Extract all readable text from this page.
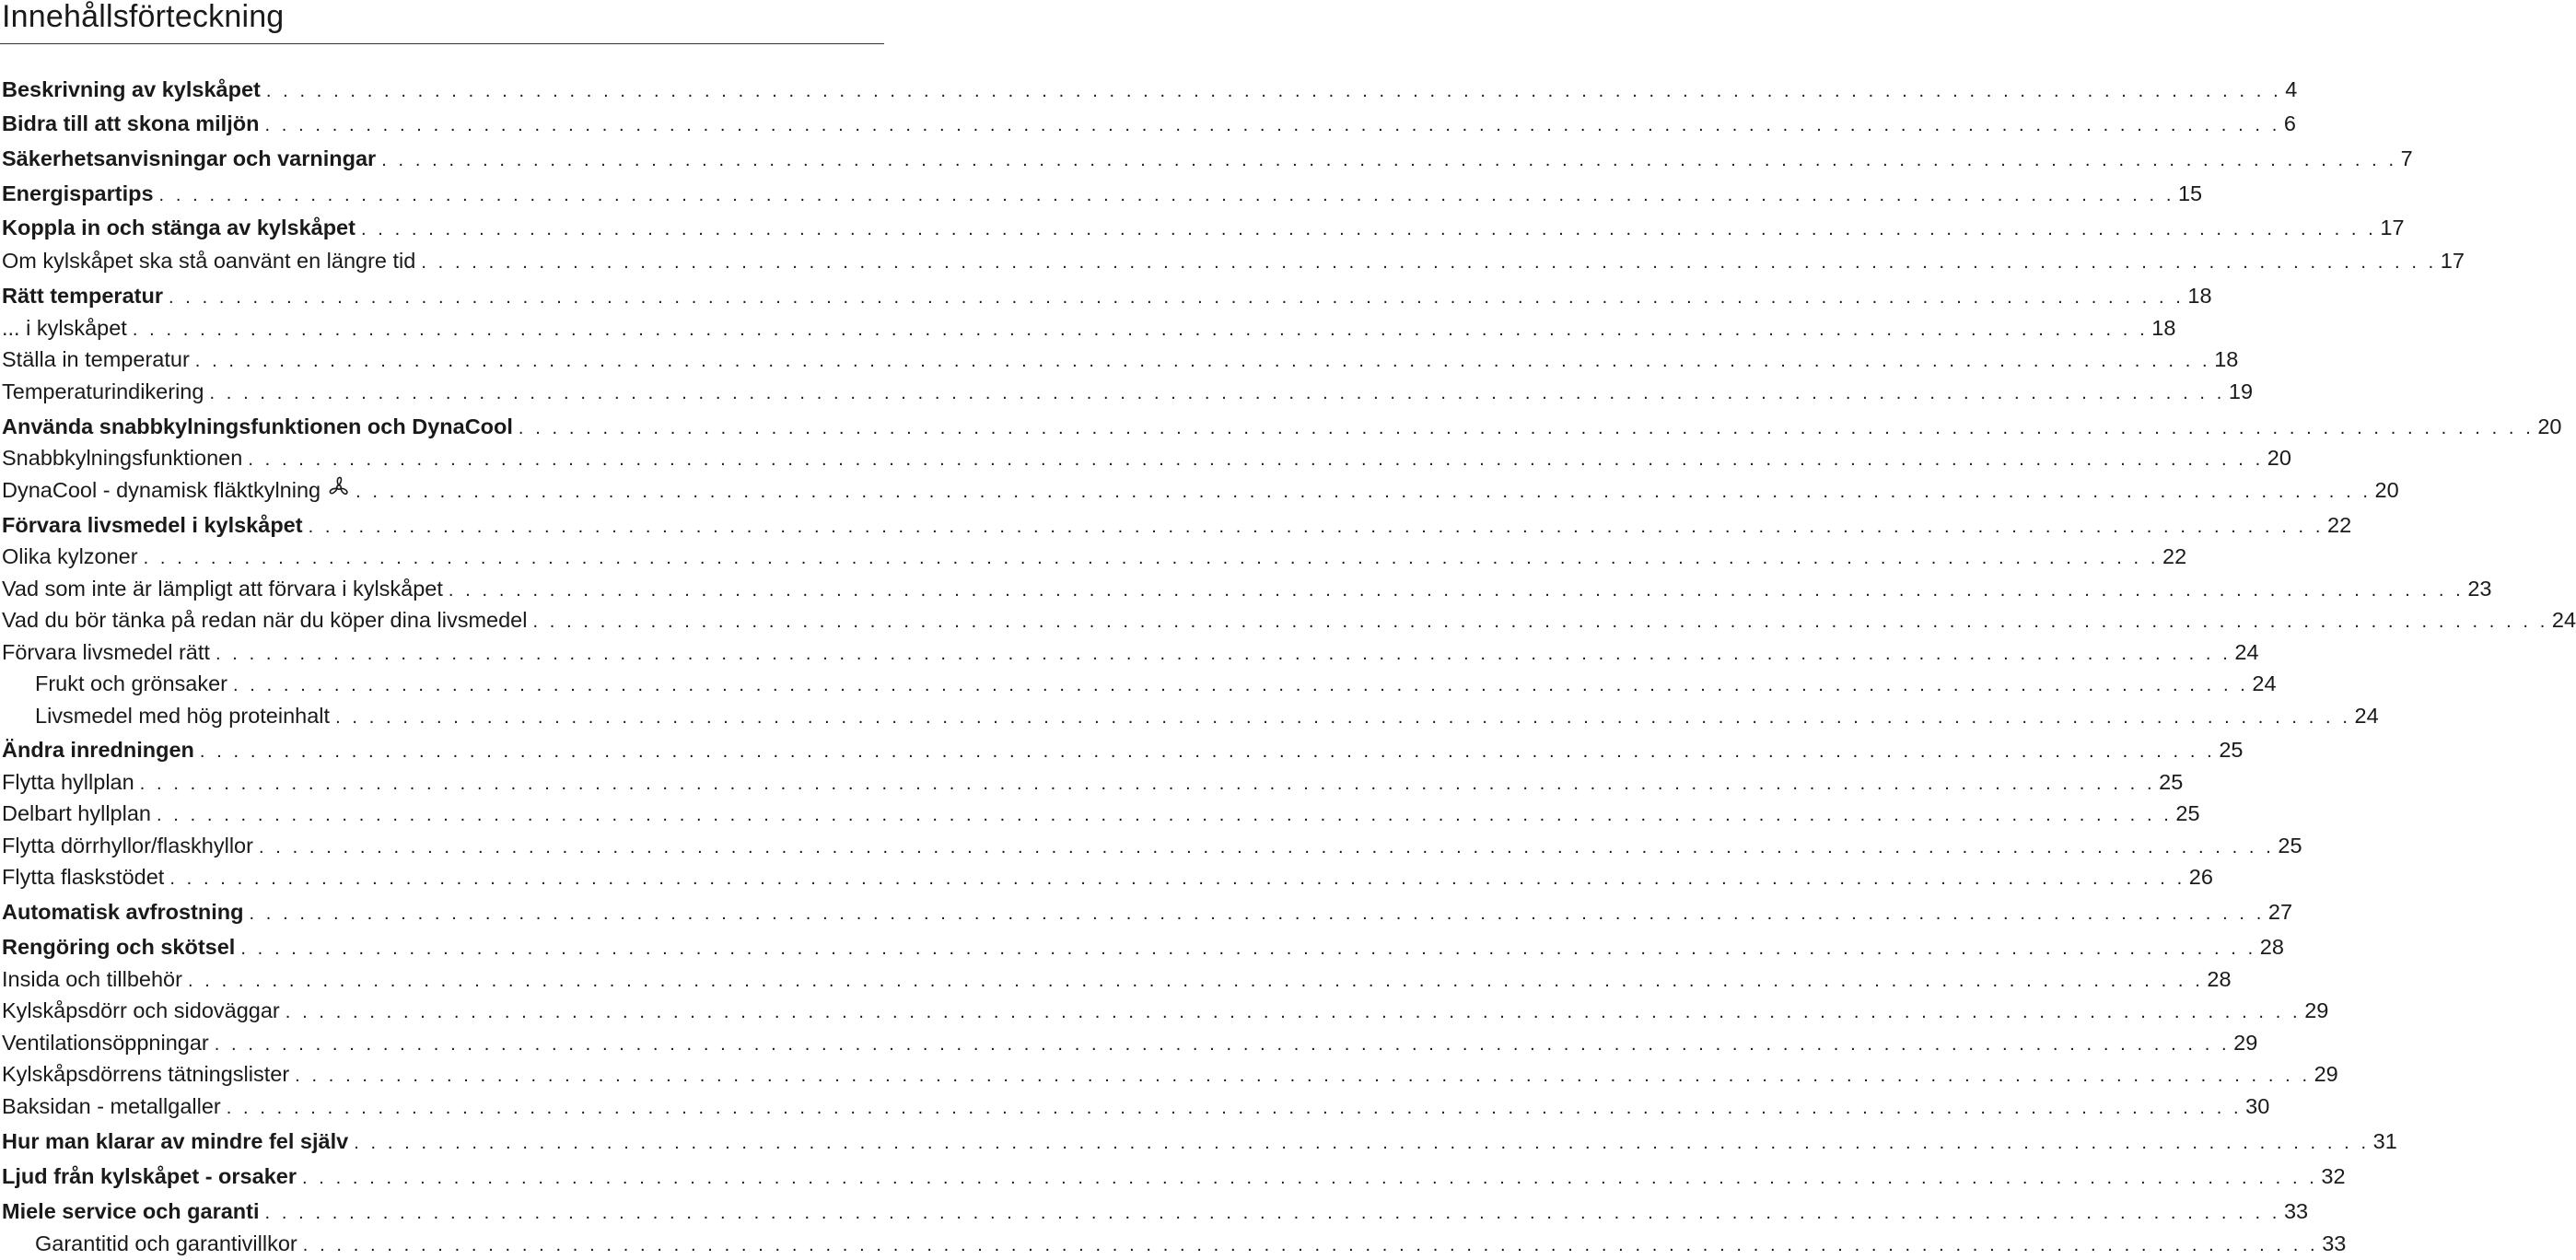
Innehållsförteckning
Beskrivning av kylskåpet . . . . . . . . . . . . . . . . . . . . . . . . . . . . . . . . . . . . . . . . . . . . . . . . . . . . . . . . . . . . . . . . . . . . . . . . . . . . . . . . . . . . . . . . . . . . . . . . . . . . . . . . . . . . . . . . . . . . . . . . 4
Bidra till att skona miljön . . . . . . . . . . . . . . . . . . . . . . . . . . . . . . . . . . . . . . . . . . . . . . . . . . . . . . . . . . . . . . . . . . . . . . . . . . . . . . . . . . . . . . . . . . . . . . . . . . . . . . . . . . . . . . . . . . . . . . . . 6
Säkerhetsanvisningar och varningar . . . . . . . . . . . . . . . . . . . . . . . . . . . . . . . . . . . . . . . . . . . . . . . . . . . . . . . . . . . . . . . . . . . . . . . . . . . . . . . . . . . . . . . . . . . . . . . . . . . . . . . . . . . . . . . . . . . . . . . . 7
Energispartips . . . . . . . . . . . . . . . . . . . . . . . . . . . . . . . . . . . . . . . . . . . . . . . . . . . . . . . . . . . . . . . . . . . . . . . . . . . . . . . . . . . . . . . . . . . . . . . . . . . . . . . . . . . . . . . . . . . . . . . . 15
Koppla in och stänga av kylskåpet . . . . . . . . . . . . . . . . . . . . . . . . . . . . . . . . . . . . . . . . . . . . . . . . . . . . . . . . . . . . . . . . . . . . . . . . . . . . . . . . . . . . . . . . . . . . . . . . . . . . . . . . . . . . . . . . . . . . . . . . 17
Om kylskåpet ska stå oanvänt en längre tid . . . . . . . . . . . . . . . . . . . . . . . . . . . . . . . . . . . . . . . . . . . . . . . . . . . . . . . . . . . . . . . . . . . . . . . . . . . . . . . . . . . . . . . . . . . . . . . . . . . . . . . . . . . . . . . . . . . . . . . . 17
Rätt temperatur . . . . . . . . . . . . . . . . . . . . . . . . . . . . . . . . . . . . . . . . . . . . . . . . . . . . . . . . . . . . . . . . . . . . . . . . . . . . . . . . . . . . . . . . . . . . . . . . . . . . . . . . . . . . . . . . . . . . . . . . 18
... i kylskåpet . . . . . . . . . . . . . . . . . . . . . . . . . . . . . . . . . . . . . . . . . . . . . . . . . . . . . . . . . . . . . . . . . . . . . . . . . . . . . . . . . . . . . . . . . . . . . . . . . . . . . . . . . . . . . . . . . . . . . . . . 18
Ställa in temperatur . . . . . . . . . . . . . . . . . . . . . . . . . . . . . . . . . . . . . . . . . . . . . . . . . . . . . . . . . . . . . . . . . . . . . . . . . . . . . . . . . . . . . . . . . . . . . . . . . . . . . . . . . . . . . . . . . . . . . . . . 18
Temperaturindikering . . . . . . . . . . . . . . . . . . . . . . . . . . . . . . . . . . . . . . . . . . . . . . . . . . . . . . . . . . . . . . . . . . . . . . . . . . . . . . . . . . . . . . . . . . . . . . . . . . . . . . . . . . . . . . . . . . . . . . . . 19
Använda snabbkylningsfunktionen och DynaCool . . . . . . . . . . . . . . . . . . . . . . . . . . . . . . . . . . . . . . . . . . . . . . . . . . . . . . . . . . . . . . . . . . . . . . . . . . . . . . . . . . . . . . . . . . . . . . . . . . . . . . . . . . . . . . . . . . . . . . . . 20
Snabbkylningsfunktionen . . . . . . . . . . . . . . . . . . . . . . . . . . . . . . . . . . . . . . . . . . . . . . . . . . . . . . . . . . . . . . . . . . . . . . . . . . . . . . . . . . . . . . . . . . . . . . . . . . . . . . . . . . . . . . . . . . . . . . . . 20
DynaCool - dynamisk fläktkylning . . . . . . . . . . . . . . . . . . . . . . . . . . . . . . . . . . . . . . . . . . . . . . . . . . . . . . . . . . . . . . . . . . . . . . . . . . . . . . . . . . . . . . . . . . . . . . . . . . . . . . . . . . . . . . . . . . . . . . . . 20
Förvara livsmedel i kylskåpet . . . . . . . . . . . . . . . . . . . . . . . . . . . . . . . . . . . . . . . . . . . . . . . . . . . . . . . . . . . . . . . . . . . . . . . . . . . . . . . . . . . . . . . . . . . . . . . . . . . . . . . . . . . . . . . . . . . . . . . . 22
Olika kylzoner . . . . . . . . . . . . . . . . . . . . . . . . . . . . . . . . . . . . . . . . . . . . . . . . . . . . . . . . . . . . . . . . . . . . . . . . . . . . . . . . . . . . . . . . . . . . . . . . . . . . . . . . . . . . . . . . . . . . . . . . 22
Vad som inte är lämpligt att förvara i kylskåpet . . . . . . . . . . . . . . . . . . . . . . . . . . . . . . . . . . . . . . . . . . . . . . . . . . . . . . . . . . . . . . . . . . . . . . . . . . . . . . . . . . . . . . . . . . . . . . . . . . . . . . . . . . . . . . . . . . . . . . . . 23
Vad du bör tänka på redan när du köper dina livsmedel . . . . . . . . . . . . . . . . . . . . . . . . . . . . . . . . . . . . . . . . . . . . . . . . . . . . . . . . . . . . . . . . . . . . . . . . . . . . . . . . . . . . . . . . . . . . . . . . . . . . . . . . . . . . . . . . . . . . . . . . 24
Förvara livsmedel rätt . . . . . . . . . . . . . . . . . . . . . . . . . . . . . . . . . . . . . . . . . . . . . . . . . . . . . . . . . . . . . . . . . . . . . . . . . . . . . . . . . . . . . . . . . . . . . . . . . . . . . . . . . . . . . . . . . . . . . . . . 24
Frukt och grönsaker . . . . . . . . . . . . . . . . . . . . . . . . . . . . . . . . . . . . . . . . . . . . . . . . . . . . . . . . . . . . . . . . . . . . . . . . . . . . . . . . . . . . . . . . . . . . . . . . . . . . . . . . . . . . . . . . . . . . . . . . 24
Livsmedel med hög proteinhalt . . . . . . . . . . . . . . . . . . . . . . . . . . . . . . . . . . . . . . . . . . . . . . . . . . . . . . . . . . . . . . . . . . . . . . . . . . . . . . . . . . . . . . . . . . . . . . . . . . . . . . . . . . . . . . . . . . . . . . . . 24
Ändra inredningen . . . . . . . . . . . . . . . . . . . . . . . . . . . . . . . . . . . . . . . . . . . . . . . . . . . . . . . . . . . . . . . . . . . . . . . . . . . . . . . . . . . . . . . . . . . . . . . . . . . . . . . . . . . . . . . . . . . . . . . . 25
Flytta hyllplan . . . . . . . . . . . . . . . . . . . . . . . . . . . . . . . . . . . . . . . . . . . . . . . . . . . . . . . . . . . . . . . . . . . . . . . . . . . . . . . . . . . . . . . . . . . . . . . . . . . . . . . . . . . . . . . . . . . . . . . . 25
Delbart hyllplan . . . . . . . . . . . . . . . . . . . . . . . . . . . . . . . . . . . . . . . . . . . . . . . . . . . . . . . . . . . . . . . . . . . . . . . . . . . . . . . . . . . . . . . . . . . . . . . . . . . . . . . . . . . . . . . . . . . . . . . . 25
Flytta dörrhyllor/flaskhyllor . . . . . . . . . . . . . . . . . . . . . . . . . . . . . . . . . . . . . . . . . . . . . . . . . . . . . . . . . . . . . . . . . . . . . . . . . . . . . . . . . . . . . . . . . . . . . . . . . . . . . . . . . . . . . . . . . . . . . . . . 25
Flytta flaskstödet . . . . . . . . . . . . . . . . . . . . . . . . . . . . . . . . . . . . . . . . . . . . . . . . . . . . . . . . . . . . . . . . . . . . . . . . . . . . . . . . . . . . . . . . . . . . . . . . . . . . . . . . . . . . . . . . . . . . . . . . 26
Automatisk avfrostning . . . . . . . . . . . . . . . . . . . . . . . . . . . . . . . . . . . . . . . . . . . . . . . . . . . . . . . . . . . . . . . . . . . . . . . . . . . . . . . . . . . . . . . . . . . . . . . . . . . . . . . . . . . . . . . . . . . . . . . . 27
Rengöring och skötsel . . . . . . . . . . . . . . . . . . . . . . . . . . . . . . . . . . . . . . . . . . . . . . . . . . . . . . . . . . . . . . . . . . . . . . . . . . . . . . . . . . . . . . . . . . . . . . . . . . . . . . . . . . . . . . . . . . . . . . . . 28
Insida och tillbehör . . . . . . . . . . . . . . . . . . . . . . . . . . . . . . . . . . . . . . . . . . . . . . . . . . . . . . . . . . . . . . . . . . . . . . . . . . . . . . . . . . . . . . . . . . . . . . . . . . . . . . . . . . . . . . . . . . . . . . . . 28
Kylskåpsdörr och sidoväggar . . . . . . . . . . . . . . . . . . . . . . . . . . . . . . . . . . . . . . . . . . . . . . . . . . . . . . . . . . . . . . . . . . . . . . . . . . . . . . . . . . . . . . . . . . . . . . . . . . . . . . . . . . . . . . . . . . . . . . . . 29
Ventilationsöppningar . . . . . . . . . . . . . . . . . . . . . . . . . . . . . . . . . . . . . . . . . . . . . . . . . . . . . . . . . . . . . . . . . . . . . . . . . . . . . . . . . . . . . . . . . . . . . . . . . . . . . . . . . . . . . . . . . . . . . . . . 29
Kylskåpsdörrens tätningslister . . . . . . . . . . . . . . . . . . . . . . . . . . . . . . . . . . . . . . . . . . . . . . . . . . . . . . . . . . . . . . . . . . . . . . . . . . . . . . . . . . . . . . . . . . . . . . . . . . . . . . . . . . . . . . . . . . . . . . . . 29
Baksidan - metallgaller . . . . . . . . . . . . . . . . . . . . . . . . . . . . . . . . . . . . . . . . . . . . . . . . . . . . . . . . . . . . . . . . . . . . . . . . . . . . . . . . . . . . . . . . . . . . . . . . . . . . . . . . . . . . . . . . . . . . . . . . 30
Hur man klarar av mindre fel själv . . . . . . . . . . . . . . . . . . . . . . . . . . . . . . . . . . . . . . . . . . . . . . . . . . . . . . . . . . . . . . . . . . . . . . . . . . . . . . . . . . . . . . . . . . . . . . . . . . . . . . . . . . . . . . . . . . . . . . . . 31
Ljud från kylskåpet - orsaker . . . . . . . . . . . . . . . . . . . . . . . . . . . . . . . . . . . . . . . . . . . . . . . . . . . . . . . . . . . . . . . . . . . . . . . . . . . . . . . . . . . . . . . . . . . . . . . . . . . . . . . . . . . . . . . . . . . . . . . . 32
Miele service och garanti . . . . . . . . . . . . . . . . . . . . . . . . . . . . . . . . . . . . . . . . . . . . . . . . . . . . . . . . . . . . . . . . . . . . . . . . . . . . . . . . . . . . . . . . . . . . . . . . . . . . . . . . . . . . . . . . . . . . . . . . 33
Garantitid och garantivillkor . . . . . . . . . . . . . . . . . . . . . . . . . . . . . . . . . . . . . . . . . . . . . . . . . . . . . . . . . . . . . . . . . . . . . . . . . . . . . . . . . . . . . . . . . . . . . . . . . . . . . . . . . . . . . . . . . . . . . . . . 33
